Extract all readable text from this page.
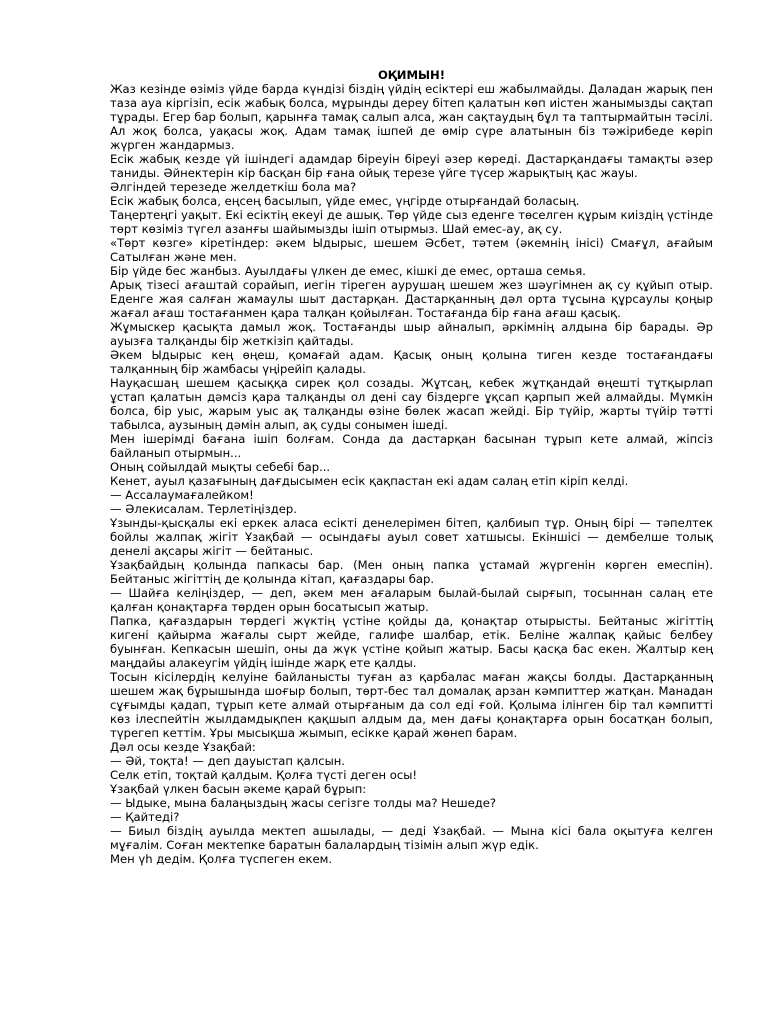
ОҚИМЫН!

Жаз кезінде өзіміз үйде барда күндізі біздің үйдің есіктері еш жабылмайды. Даладан жарық пен таза ауа кіргізіп, есік жабық болса, мұрынды дереу бітеп қалатын көп иістен жанымызды сақтап тұрады. Егер бар болып, қарынға тамақ салып алса, жан сақтаудың бұл та таптырмайтын тәсілі. Ал жоқ болса, уақасы жоқ. Адам тамақ ішпей де өмір сүре алатынын біз тәжірибеде көріп жүрген жандармыз.

Есік жабық кезде үй ішіндегі адамдар біреуін біреуі әзер көреді. Дастарқандағы тамақты әзер таниды. Әйнектерін кір басқан бір ғана ойық терезе үйге түсер жарықтың қас жауы.

Әлгіндей терезеде желдеткіш бола ма?

Есік жабық болса, еңсең басылып, үйде емес, үңгірде отырғандай боласың.

Таңертеңгі уақыт. Екі есіктің екеуі де ашық. Төр үйде сыз еденге төселген құрым киіздің үстінде төрт көзіміз түгел азанғы шайымызды ішіп отырмыз. Шай емес-ау, ақ су.

«Төрт көзге» кіретіндер: әкем Ыдырыс, шешем Әсбет, тәтем (әкемнің інісі) Смағұл, ағайым Сатылған және мен.

Бір үйде бес жанбыз. Ауылдағы үлкен де емес, кішкі де емес, орташа семья.

Арық тізесі ағаштай сорайып, иегін тіреген аурушаң шешем жез шәугімнен ақ су құйып отыр. Еденге жая салған жамаулы шыт дастарқан. Дастарқанның дәл орта тұсына құрсаулы қоңыр жағал ағаш тостағанмен қара талқан қойылған. Тостағанда бір ғана ағаш қасық.

Жұмыскер қасықта дамыл жоқ. Тостағанды шыр айналып, әркімнің алдына бір барады. Әр ауызға талқанды бір жеткізіп қайтады.

Әкем Ыдырыс кең өңеш, қомағай адам. Қасық оның қолына тиген кезде тостағандағы талқанның бір жамбасы үңірейіп қалады.

Науқасшаң шешем қасыққа сирек қол созады. Жұтсаң, кебек жұтқандай өңешті тұтқырлап ұстап қалатын дәмсіз қара талқанды ол дені сау біздерге ұқсап қарпып жей алмайды. Мүмкін болса, бір уыс, жарым уыс ақ талқанды өзіне бөлек жасап жейді. Бір түйір, жарты түйір тәтті табылса, аузының дәмін алып, ақ суды сонымен ішеді.

Мен ішерімді бағана ішіп болғам. Сонда да дастарқан басынан тұрып кете алмай, жіпсіз байланып отырмын...

Оның сойылдай мықты себебі бар...

Кенет, ауыл қазағының дағдысымен есік қақпастан екі адам салаң етіп кіріп келді.

— Ассалаумағалейком!

— Әлекисалам. Терлетіңіздер.

Ұзынды-қысқалы екі еркек аласа есікті денелерімен бітеп, қалбиып тұр. Оның бірі — тәпелтек бойлы жалпақ жігіт Ұзақбай — осындағы ауыл совет хатшысы. Екіншісі — дембелше толық денелі ақсары жігіт — бейтаныс.

Ұзақбайдың қолында папкасы бар. (Мен оның папка ұстамай жүргенін көрген емеспін). Бейтаныс жігіттің де қолында кітап, қағаздары бар.

— Шайға келіңіздер, — деп, әкем мен ағаларым былай-былай сырғып, тосыннан салаң ете қалған қонақтарға төрден орын босатысып жатыр.

Папка, қағаздарын төрдегі жүктің үстіне қойды да, қонақтар отырысты. Бейтаныс жігіттің кигені қайырма жағалы сырт жейде, галифе шалбар, етік. Беліне жалпақ қайыс белбеу буынған. Кепкасын шешіп, оны да жүк үстіне қойып жатыр. Басы қасқа бас екен. Жалтыр кең маңдайы алакеугім үйдің ішінде жарқ ете қалды.

Тосын кісілердің келуіне байланысты туған аз қарбалас маған жақсы болды. Дастарқанның шешем жақ бұрышында шоғыр болып, төрт-бес тал домалақ арзан кәмпиттер жатқан. Манадан сұғымды қадап, тұрып кете алмай отырғаным да сол еді ғой. Қолыма ілінген бір тал кәмпитті көз ілеспейтін жылдамдықпен қақшып алдым да, мен дағы қонақтарға орын босатқан болып, түрегеп кеттім. Ұры мысықша жымып, есікке қарай жөнеп барам.

Дәл осы кезде Ұзақбай:

— Әй, тоқта! — деп дауыстап қалсын.

Селк етіп, тоқтай қалдым. Қолға түсті деген осы!

Ұзақбай үлкен басын әкеме қарай бұрып:

— Ыдыке, мына балаңыздың жасы сегізге толды ма? Нешеде?

— Қайтеді?

— Биыл біздің ауылда мектеп ашылады, — деді Ұзақбай. — Мына кісі бала оқытуға келген мұғалім. Соған мектепке баратын балалардың тізімін алып жүр едік.

Мен үһ дедім. Қолға түспеген екем.
